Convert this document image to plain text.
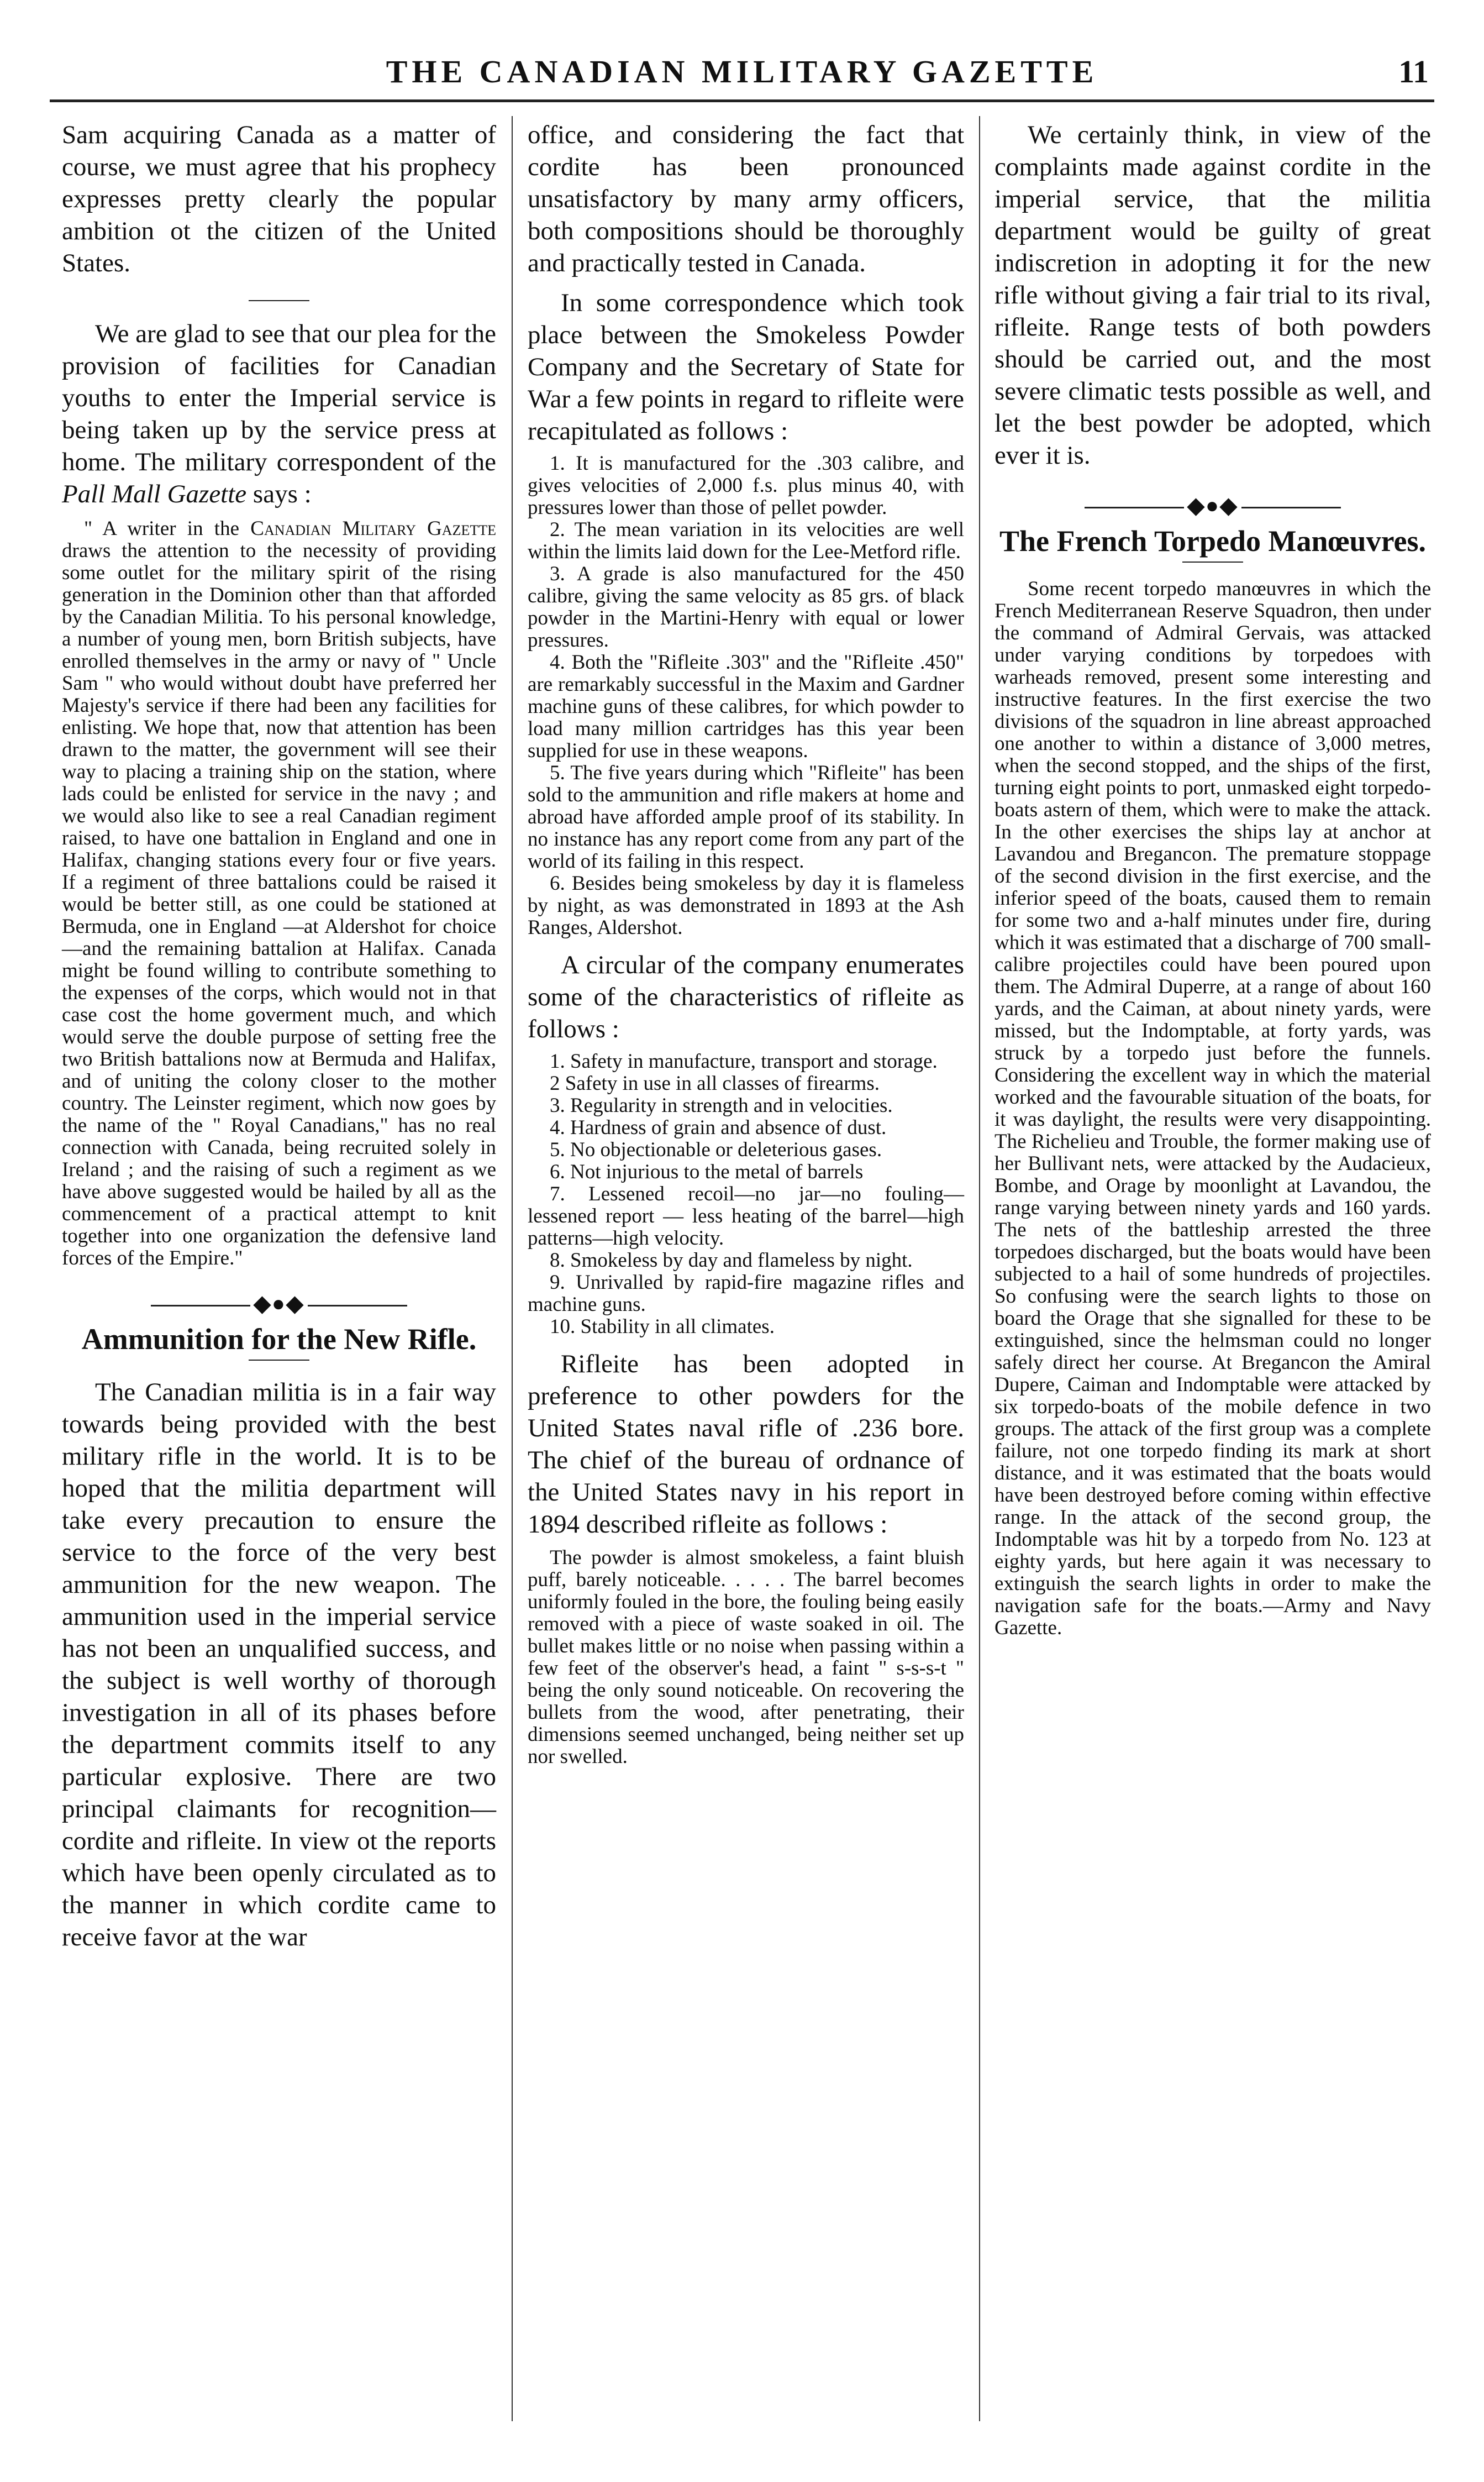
THE CANADIAN MILITARY GAZETTE	11

Sam acquiring Canada as a matter of course, we must agree that his prophecy expresses pretty clearly the popular ambition ot the citizen of the United States.

We are glad to see that our plea for the provision of facilities for Canadian youths to enter the Imperial service is being taken up by the service press at home. The military correspondent of the Pall Mall Gazette says :

" A writer in the Canadian Military Gazette draws the attention to the necessity of providing some outlet for the military spirit of the rising generation in the Dominion other than that afforded by the Canadian Militia. To his personal knowledge, a number of young men, born British subjects, have enrolled themselves in the army or navy of " Uncle Sam " who would without doubt have preferred her Majesty's service if there had been any facilities for enlisting. We hope that, now that attention has been drawn to the matter, the government will see their way to placing a training ship on the station, where lads could be enlisted for service in the navy ; and we would also like to see a real Canadian regiment raised, to have one battalion in England and one in Halifax, changing stations every four or five years. If a regiment of three battalions could be raised it would be better still, as one could be stationed at Bermuda, one in England —at Aldershot for choice—and the remaining battalion at Halifax. Canada might be found willing to contribute something to the expenses of the corps, which would not in that case cost the home goverment much, and which would serve the double purpose of setting free the two British battalions now at Bermuda and Halifax, and of uniting the colony closer to the mother country. The Leinster regiment, which now goes by the name of the " Royal Canadians," has no real connection with Canada, being recruited solely in Ireland ; and the raising of such a regiment as we have above suggested would be hailed by all as the commencement of a practical attempt to knit together into one organization the defensive land forces of the Empire."

◆●◆
Ammunition for the New Rifle.

The Canadian militia is in a fair way towards being provided with the best military rifle in the world. It is to be hoped that the militia department will take every precaution to ensure the service to the force of the very best ammunition for the new weapon. The ammunition used in the imperial service has not been an unqualified success, and the subject is well worthy of thorough investigation in all of its phases before the department commits itself to any particular explosive. There are two principal claimants for recognition—cordite and rifleite. In view ot the reports which have been openly circulated as to the manner in which cordite came to receive favor at the war

office, and considering the fact that cordite has been pronounced unsatisfactory by many army officers, both compositions should be thoroughly and practically tested in Canada.

In some correspondence which took place between the Smokeless Powder Company and the Secretary of State for War a few points in regard to rifleite were recapitulated as follows :

1. It is manufactured for the .303 calibre, and gives velocities of 2,000 f.s. plus minus 40, with pressures lower than those of pellet powder.

2. The mean variation in its velocities are well within the limits laid down for the Lee-Metford rifle.

3. A grade is also manufactured for the 450 calibre, giving the same velocity as 85 grs. of black powder in the Martini-Henry with equal or lower pressures.

4. Both the "Rifleite .303" and the "Rifleite .450" are remarkably successful in the Maxim and Gardner machine guns of these calibres, for which powder to load many million cartridges has this year been supplied for use in these weapons.

5. The five years during which "Rifleite" has been sold to the ammunition and rifle makers at home and abroad have afforded ample proof of its stability. In no instance has any report come from any part of the world of its failing in this respect.

6. Besides being smokeless by day it is flameless by night, as was demonstrated in 1893 at the Ash Ranges, Aldershot.

A circular of the company enumerates some of the characteristics of rifleite as follows :

1. Safety in manufacture, transport and storage.

2 Safety in use in all classes of firearms.

3. Regularity in strength and in velocities.

4. Hardness of grain and absence of dust.

5. No objectionable or deleterious gases.

6. Not injurious to the metal of barrels

7. Lessened recoil—no jar—no fouling— lessened report — less heating of the barrel—high patterns—high velocity.

8. Smokeless by day and flameless by night.

9. Unrivalled by rapid-fire magazine rifles and machine guns.

10. Stability in all climates.

Rifleite has been adopted in preference to other powders for the United States naval rifle of .236 bore. The chief of the bureau of ordnance of the United States navy in his report in 1894 described rifleite as follows :

The powder is almost smokeless, a faint bluish puff, barely noticeable. . . . . The barrel becomes uniformly fouled in the bore, the fouling being easily removed with a piece of waste soaked in oil. The bullet makes little or no noise when passing within a few feet of the observer's head, a faint " s-s-s-t " being the only sound noticeable. On recovering the bullets from the wood, after penetrating, their dimensions seemed unchanged, being neither set up nor swelled.

We certainly think, in view of the complaints made against cordite in the imperial service, that the militia department would be guilty of great indiscretion in adopting it for the new rifle without giving a fair trial to its rival, rifleite. Range tests of both powders should be carried out, and the most severe climatic tests possible as well, and let the best powder be adopted, which ever it is.

◆●◆
The French Torpedo Manœuvres.

Some recent torpedo manœuvres in which the French Mediterranean Reserve Squadron, then under the command of Admiral Gervais, was attacked under varying conditions by torpedoes with warheads removed, present some interesting and instructive features. In the first exercise the two divisions of the squadron in line abreast approached one another to within a distance of 3,000 metres, when the second stopped, and the ships of the first, turning eight points to port, unmasked eight torpedo-boats astern of them, which were to make the attack. In the other exercises the ships lay at anchor at Lavandou and Bregancon. The premature stoppage of the second division in the first exercise, and the inferior speed of the boats, caused them to remain for some two and a-half minutes under fire, during which it was estimated that a discharge of 700 small-calibre projectiles could have been poured upon them. The Admiral Duperre, at a range of about 160 yards, and the Caiman, at about ninety yards, were missed, but the Indomptable, at forty yards, was struck by a torpedo just before the funnels. Considering the excellent way in which the material worked and the favourable situation of the boats, for it was daylight, the results were very disappointing. The Richelieu and Trouble, the former making use of her Bullivant nets, were attacked by the Audacieux, Bombe, and Orage by moonlight at Lavandou, the range varying between ninety yards and 160 yards. The nets of the battleship arrested the three torpedoes discharged, but the boats would have been subjected to a hail of some hundreds of projectiles. So confusing were the search lights to those on board the Orage that she signalled for these to be extinguished, since the helmsman could no longer safely direct her course. At Bregancon the Amiral Dupere, Caiman and Indomptable were attacked by six torpedo-boats of the mobile defence in two groups. The attack of the first group was a complete failure, not one torpedo finding its mark at short distance, and it was estimated that the boats would have been destroyed before coming within effective range. In the attack of the second group, the Indomptable was hit by a torpedo from No. 123 at eighty yards, but here again it was necessary to extinguish the search lights in order to make the navigation safe for the boats.—Army and Navy Gazette.
